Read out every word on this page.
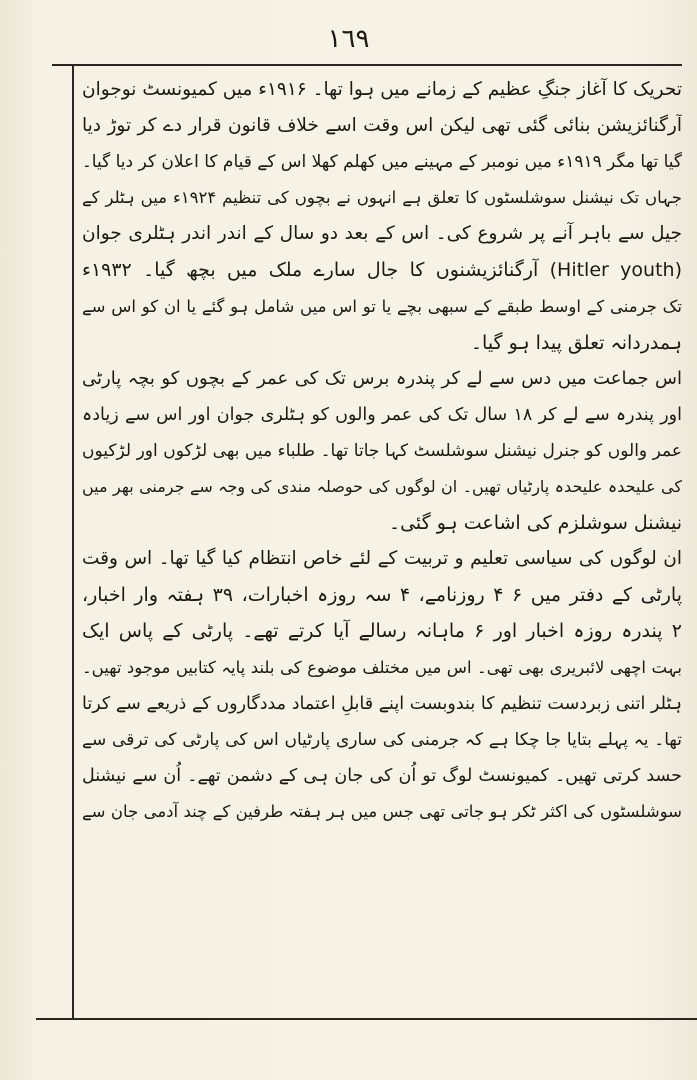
١٦٩
تحریک کا آغاز جنگِ عظیم کے زمانے میں ہوا تھا۔ ۱۹۱۶ء میں کمیونسٹ نوجوان
آرگنائزیشن بنائی گئی تھی لیکن اس وقت اسے خلاف قانون قرار دے کر توڑ دیا
گیا تھا مگر ۱۹۱۹ء میں نومبر کے مہینے میں کھلم کھلا اس کے قیام کا اعلان کر دیا گیا۔
جہاں تک نیشنل سوشلسٹوں کا تعلق ہے انہوں نے بچوں کی تنظیم ۱۹۲۴ء میں ہٹلر کے
جیل سے باہر آنے پر شروع کی۔ اس کے بعد دو سال کے اندر اندر ہٹلری جوان
(Hitler youth) آرگنائزیشنوں کا جال سارے ملک میں بچھ گیا۔ ۱۹۳۲ء
تک جرمنی کے اوسط طبقے کے سبھی بچے یا تو اس میں شامل ہو گئے یا ان کو اس سے
ہمدردانہ تعلق پیدا ہو گیا۔
اس جماعت میں دس سے لے کر پندرہ برس تک کی عمر کے بچوں کو بچہ پارٹی
اور پندرہ سے لے کر ۱۸ سال تک کی عمر والوں کو ہٹلری جوان اور اس سے زیادہ
عمر والوں کو جنرل نیشنل سوشلسٹ کہا جاتا تھا۔ طلباء میں بھی لڑکوں اور لڑکیوں
کی علیحدہ علیحدہ پارٹیاں تھیں۔ ان لوگوں کی حوصلہ مندی کی وجہ سے جرمنی بھر میں
نیشنل سوشلزم کی اشاعت ہو گئی۔
ان لوگوں کی سیاسی تعلیم و تربیت کے لئے خاص انتظام کیا گیا تھا۔ اس وقت
پارٹی کے دفتر میں ۶ ۴ روزنامے، ۴ سہ روزہ اخبارات، ۳۹ ہفتہ وار اخبار،
۲ پندرہ روزہ اخبار اور ۶ ماہانہ رسالے آیا کرتے تھے۔ پارٹی کے پاس ایک
بہت اچھی لائبریری بھی تھی۔ اس میں مختلف موضوع کی بلند پایہ کتابیں موجود تھیں۔
ہٹلر اتنی زبردست تنظیم کا بندوبست اپنے قابلِ اعتماد مددگاروں کے ذریعے سے کرتا
تھا۔ یہ پہلے بتایا جا چکا ہے کہ جرمنی کی ساری پارٹیاں اس کی پارٹی کی ترقی سے
حسد کرتی تھیں۔ کمیونسٹ لوگ تو اُن کی جان ہی کے دشمن تھے۔ اُن سے نیشنل
سوشلسٹوں کی اکثر ٹکر ہو جاتی تھی جس میں ہر ہفتہ طرفین کے چند آدمی جان سے
